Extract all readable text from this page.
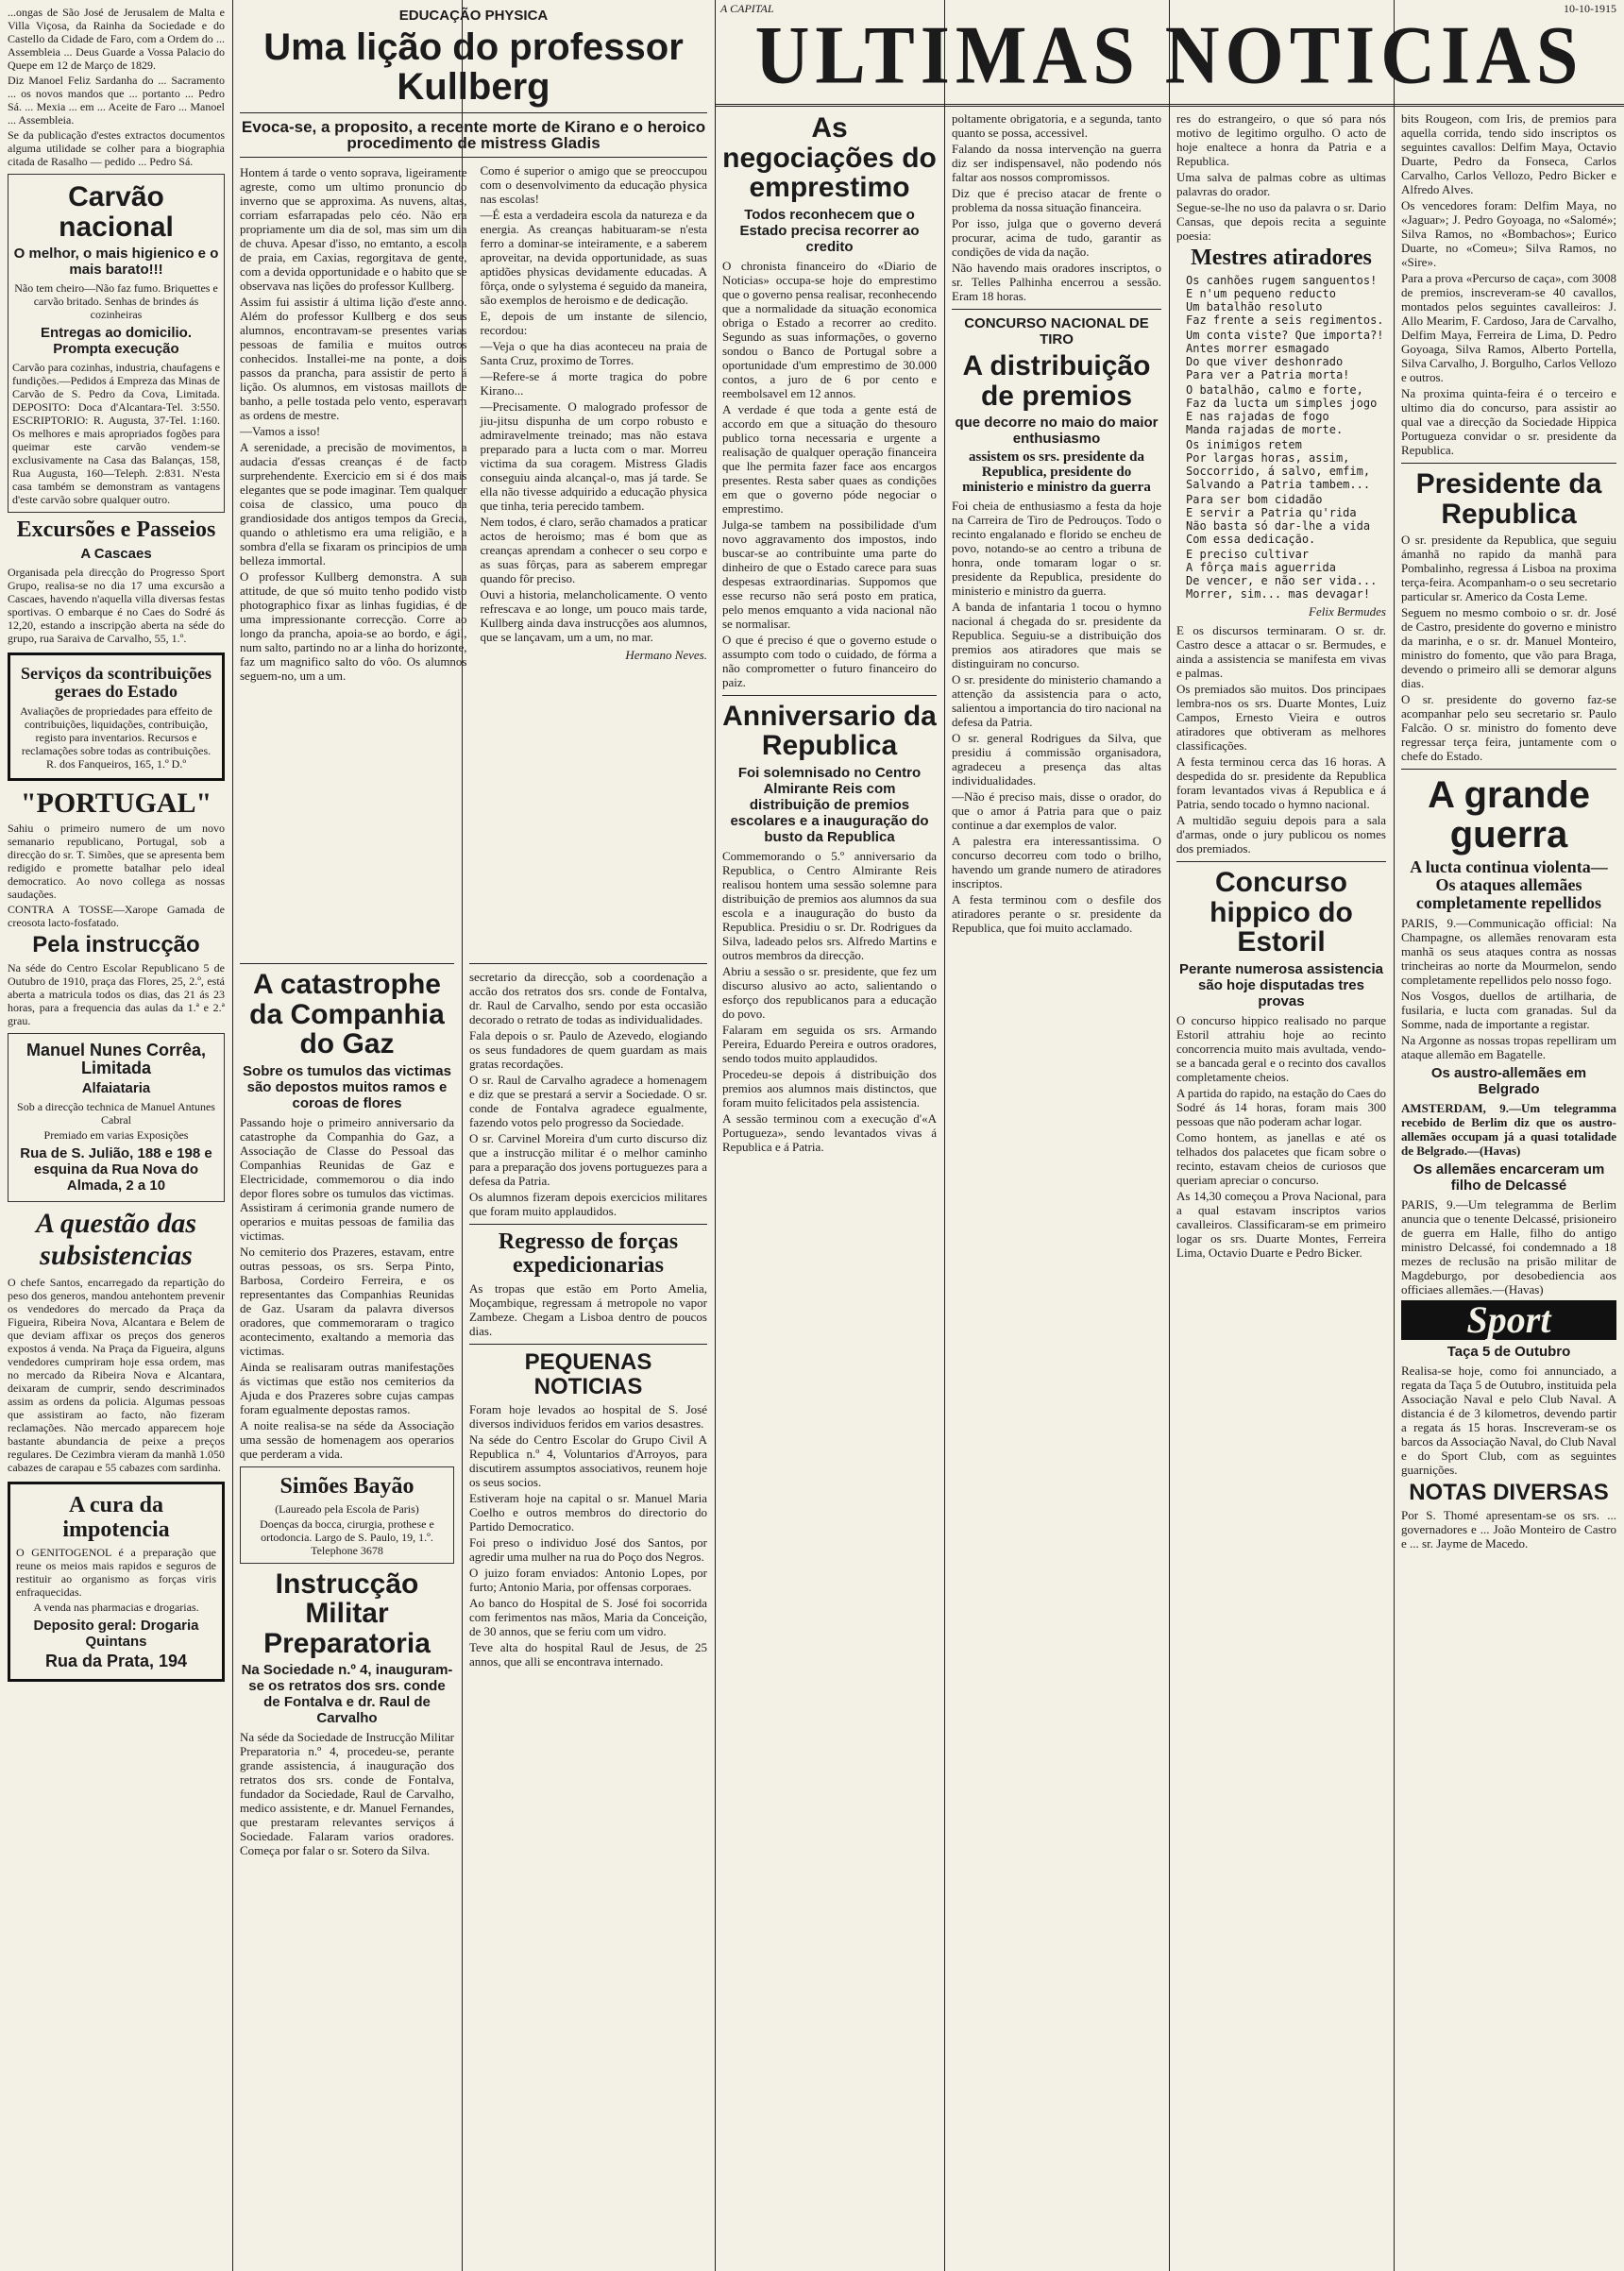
A CAPITAL
ULTIMAS NOTICIAS
10-10-1915

...ongas de São José de Jerusalem de Malta e Villa Viçosa, da Rainha da Sociedade e do Castello da Cidade de Faro, com a Ordem do ... Assembleia ... Deus Guarde a Vossa Palacio do Quepe em 12 de Março de 1829.

Diz Manoel Feliz Sardanha do ... Sacramento ... os novos mandos que ... portanto ... Pedro Sá. ... Mexia ... em ... Aceite de Faro ... Manoel ... Assembleia.

Se da publicação d'estes extractos documentos alguma utilidade se colher para a biographia citada de Rasalho — pedido ... Pedro Sá.

Carvão nacional
O melhor, o mais higienico e o mais barato!!!

Não tem cheiro—Não faz fumo. Briquettes e carvão britado. Senhas de brindes ás cozinheiras

Entregas ao domicilio. Prompta execução

Carvão para cozinhas, industria, chaufagens e fundições.—Pedidos á Empreza das Minas de Carvão de S. Pedro da Cova, Limitada. DEPOSITO: Doca d'Alcantara-Tel. 3:550. ESCRIPTORIO: R. Augusta, 37-Tel. 1:160. Os melhores e mais apropriados fogões para queimar este carvão vendem-se exclusivamente na Casa das Balanças, 158, Rua Augusta, 160—Teleph. 2:831. N'esta casa também se demonstram as vantagens d'este carvão sobre qualquer outro.

Excursões e Passeios
A Cascaes

Organisada pela direcção do Progresso Sport Grupo, realisa-se no dia 17 uma excursão a Cascaes, havendo n'aquella villa diversas festas sportivas. O embarque é no Caes do Sodré ás 12,20, estando a inscripção aberta na séde do grupo, rua Saraiva de Carvalho, 55, 1.º.

Serviços da scontribuições geraes do Estado

Avaliações de propriedades para effeito de contribuições, liquidações, contribuição, registo para inventarios. Recursos e reclamações sobre todas as contribuições. R. dos Fanqueiros, 165, 1.º D.º

"PORTUGAL"

Sahiu o primeiro numero de um novo semanario republicano, Portugal, sob a direcção do sr. T. Simões, que se apresenta bem redigido e promette batalhar pelo ideal democratico. Ao novo collega as nossas saudações.

CONTRA A TOSSE—Xarope Gamada de creosota lacto-fosfatado.

Pela instrucção

Na séde do Centro Escolar Republicano 5 de Outubro de 1910, praça das Flores, 25, 2.º, está aberta a matricula todos os dias, das 21 ás 23 horas, para a frequencia das aulas da 1.ª e 2.ª grau.

Manuel Nunes Corrêa, Limitada
Alfaiataria

Sob a direcção technica de Manuel Antunes Cabral

Premiado em varias Exposições

Rua de S. Julião, 188 e 198 e esquina da Rua Nova do Almada, 2 a 10
A questão das subsistencias

O chefe Santos, encarregado da repartição do peso dos generos, mandou antehontem prevenir os vendedores do mercado da Praça da Figueira, Ribeira Nova, Alcantara e Belem de que deviam affixar os preços dos generos expostos á venda. Na Praça da Figueira, alguns vendedores cumpriram hoje essa ordem, mas no mercado da Ribeira Nova e Alcantara, deixaram de cumprir, sendo descriminados assim as ordens da policia. Algumas pessoas que assistiram ao facto, não fizeram reclamações. Não mercado apparecem hoje bastante abundancia de peixe a preços regulares. De Cezimbra vieram da manhã 1.050 cabazes de carapau e 55 cabazes com sardinha.

A cura da impotencia

O GENITOGENOL é a preparação que reune os meios mais rapidos e seguros de restituir ao organismo as forças viris enfraquecidas.

A venda nas pharmacias e drogarias.

Deposito geral: Drogaria Quintans
Rua da Prata, 194
EDUCAÇÃO PHYSICA
Uma lição do professor Kullberg
Evoca-se, a proposito, a recente morte de Kirano e o heroico procedimento de mistress Gladis

Hontem á tarde o vento soprava, ligeiramente agreste, como um ultimo pronuncio do inverno que se approxima. As nuvens, altas, corriam esfarrapadas pelo céo. Não era propriamente um dia de sol, mas sim um dia de chuva. Apesar d'isso, no emtanto, a escola de praia, em Caxias, regorgitava de gente, com a devida opportunidade e o habito que se observava nas lições do professor Kullberg.

Assim fui assistir á ultima lição d'este anno. Além do professor Kullberg e dos seus alumnos, encontravam-se presentes varias pessoas de familia e muitos outros conhecidos. Installei-me na ponte, a dois passos da prancha, para assistir de perto á lição. Os alumnos, em vistosas maillots de banho, a pelle tostada pelo vento, esperavam as ordens de mestre.

—Vamos a isso!

A serenidade, a precisão de movimentos, a audacia d'essas creanças é de facto surprehendente. Exercicio em si é dos mais elegantes que se pode imaginar. Tem qualquer coisa de classico, uma pouco da grandiosidade dos antigos tempos da Grecia, quando o athletismo era uma religião, e a sombra d'ella se fixaram os principios de uma belleza immortal.

O professor Kullberg demonstra. A sua attitude, de que só muito tenho podido visto photographico fixar as linhas fugidias, é de uma impressionante correcção. Corre ao longo da prancha, apoia-se ao bordo, e ágil, num salto, partindo no ar a linha do horizonte, faz um magnifico salto do vôo. Os alumnos seguem-no, um a um.

Como é superior o amigo que se preoccupou com o desenvolvimento da educação physica nas escolas!

—É esta a verdadeira escola da natureza e da energia. As creanças habituaram-se n'esta ferro a dominar-se inteiramente, e a saberem aproveitar, na devida opportunidade, as suas aptidões physicas devidamente educadas. A fôrça, onde o sylystema é seguido da maneira, são exemplos de heroismo e de dedicação.

E, depois de um instante de silencio, recordou:

—Veja o que ha dias aconteceu na praia de Santa Cruz, proximo de Torres.

—Refere-se á morte tragica do pobre Kirano...

—Precisamente. O malogrado professor de jiu-jitsu dispunha de um corpo robusto e admiravelmente treinado; mas não estava preparado para a lucta com o mar. Morreu victima da sua coragem. Mistress Gladis conseguiu ainda alcançal-o, mas já tarde. Se ella não tivesse adquirido a educação physica que tinha, teria perecido tambem.

Nem todos, é claro, serão chamados a praticar actos de heroismo; mas é bom que as creanças aprendam a conhecer o seu corpo e as suas fôrças, para as saberem empregar quando fôr preciso.

Ouvi a historia, melancholicamente. O vento refrescava e ao longe, um pouco mais tarde, Kullberg ainda dava instrucções aos alumnos, que se lançavam, um a um, no mar.

Hermano Neves.
A catastrophe da Companhia do Gaz
Sobre os tumulos das victimas são depostos muitos ramos e coroas de flores

Passando hoje o primeiro anniversario da catastrophe da Companhia do Gaz, a Associação de Classe do Pessoal das Companhias Reunidas de Gaz e Electricidade, commemorou o dia indo depor flores sobre os tumulos das victimas. Assistiram á cerimonia grande numero de operarios e muitas pessoas de familia das victimas.

No cemiterio dos Prazeres, estavam, entre outras pessoas, os srs. Serpa Pinto, Barbosa, Cordeiro Ferreira, e os representantes das Companhias Reunidas de Gaz. Usaram da palavra diversos oradores, que commemoraram o tragico acontecimento, exaltando a memoria das victimas.

Ainda se realisaram outras manifestações ás victimas que estão nos cemiterios da Ajuda e dos Prazeres sobre cujas campas foram egualmente depostas ramos.

A noite realisa-se na séde da Associação uma sessão de homenagem aos operarios que perderam a vida.

Simões Bayão
(Laureado pela Escola de Paris)

Doenças da bocca, cirurgia, prothese e ortodoncia. Largo de S. Paulo, 19, 1.º. Telephone 3678

Instrucção Militar Preparatoria
Na Sociedade n.º 4, inauguram-se os retratos dos srs. conde de Fontalva e dr. Raul de Carvalho

Na séde da Sociedade de Instrucção Militar Preparatoria n.º 4, procedeu-se, perante grande assistencia, á inauguração dos retratos dos srs. conde de Fontalva, fundador da Sociedade, Raul de Carvalho, medico assistente, e dr. Manuel Fernandes, que prestaram relevantes serviços á Sociedade. Falaram varios oradores. Começa por falar o sr. Sotero da Silva.

secretario da direcção, sob a coordenação a accão dos retratos dos srs. conde de Fontalva, dr. Raul de Carvalho, sendo por esta occasião decorado o retrato de todas as individualidades.

Fala depois o sr. Paulo de Azevedo, elogiando os seus fundadores de quem guardam as mais gratas recordações.

O sr. Raul de Carvalho agradece a homenagem e diz que se prestará a servir a Sociedade. O sr. conde de Fontalva agradece egualmente, fazendo votos pelo progresso da Sociedade.

O sr. Carvinel Moreira d'um curto discurso diz que a instrucção militar é o melhor caminho para a preparação dos jovens portuguezes para a defesa da Patria.

Os alumnos fizeram depois exercicios militares que foram muito applaudidos.

Regresso de forças expedicionarias

As tropas que estão em Porto Amelia, Moçambique, regressam á metropole no vapor Zambeze. Chegam a Lisboa dentro de poucos dias.

PEQUENAS NOTICIAS

Foram hoje levados ao hospital de S. José diversos individuos feridos em varios desastres.

Na séde do Centro Escolar do Grupo Civil A Republica n.º 4, Voluntarios d'Arroyos, para discutirem assumptos associativos, reunem hoje os seus socios.

Estiveram hoje na capital o sr. Manuel Maria Coelho e outros membros do directorio do Partido Democratico.

Foi preso o individuo José dos Santos, por agredir uma mulher na rua do Poço dos Negros.

O juizo foram enviados: Antonio Lopes, por furto; Antonio Maria, por offensas corporaes.

Ao banco do Hospital de S. José foi socorrida com ferimentos nas mãos, Maria da Conceição, de 30 annos, que se feriu com um vidro.

Teve alta do hospital Raul de Jesus, de 25 annos, que alli se encontrava internado.

As negociações do emprestimo
Todos reconhecem que o Estado precisa recorrer ao credito

O chronista financeiro do «Diario de Noticias» occupa-se hoje do emprestimo que o governo pensa realisar, reconhecendo que a normalidade da situação economica obriga o Estado a recorrer ao credito. Segundo as suas informações, o governo sondou o Banco de Portugal sobre a oportunidade d'um emprestimo de 30.000 contos, a juro de 6 por cento e reembolsavel em 12 annos.

A verdade é que toda a gente está de accordo em que a situação do thesouro publico torna necessaria e urgente a realisação de qualquer operação financeira que lhe permita fazer face aos encargos presentes. Resta saber quaes as condições em que o governo póde negociar o emprestimo.

Julga-se tambem na possibilidade d'um novo aggravamento dos impostos, indo buscar-se ao contribuinte uma parte do dinheiro de que o Estado carece para suas despesas extraordinarias. Suppomos que esse recurso não será posto em pratica, pelo menos emquanto a vida nacional não se normalisar.

O que é preciso é que o governo estude o assumpto com todo o cuidado, de fórma a não comprometter o futuro financeiro do paiz.

Anniversario da Republica
Foi solemnisado no Centro Almirante Reis com distribuição de premios escolares e a inauguração do busto da Republica

Commemorando o 5.º anniversario da Republica, o Centro Almirante Reis realisou hontem uma sessão solemne para distribuição de premios aos alumnos da sua escola e a inauguração do busto da Republica. Presidiu o sr. Dr. Rodrigues da Silva, ladeado pelos srs. Alfredo Martins e outros membros da direcção.

Abriu a sessão o sr. presidente, que fez um discurso alusivo ao acto, salientando o esforço dos republicanos para a educação do povo.

Falaram em seguida os srs. Armando Pereira, Eduardo Pereira e outros oradores, sendo todos muito applaudidos.

Procedeu-se depois á distribuição dos premios aos alumnos mais distinctos, que foram muito felicitados pela assistencia.

A sessão terminou com a execução d'«A Portugueza», sendo levantados vivas á Republica e á Patria.

poltamente obrigatoria, e a segunda, tanto quanto se possa, accessivel.

Falando da nossa intervenção na guerra diz ser indispensavel, não podendo nós faltar aos nossos compromissos.

Diz que é preciso atacar de frente o problema da nossa situação financeira.

Por isso, julga que o governo deverá procurar, acima de tudo, garantir as condições de vida da nação.

Não havendo mais oradores inscriptos, o sr. Telles Palhinha encerrou a sessão. Eram 18 horas.

CONCURSO NACIONAL DE TIRO
A distribuição de premios
que decorre no maio do maior enthusiasmo
assistem os srs. presidente da Republica, presidente do ministerio e ministro da guerra

Foi cheia de enthusiasmo a festa da hoje na Carreira de Tiro de Pedrouços. Todo o recinto engalanado e florido se encheu de povo, notando-se ao centro a tribuna de honra, onde tomaram logar o sr. presidente da Republica, presidente do ministerio e ministro da guerra.

A banda de infantaria 1 tocou o hymno nacional á chegada do sr. presidente da Republica. Seguiu-se a distribuição dos premios aos atiradores que mais se distinguiram no concurso.

O sr. presidente do ministerio chamando a attenção da assistencia para o acto, salientou a importancia do tiro nacional na defesa da Patria.

O sr. general Rodrigues da Silva, que presidiu á commissão organisadora, agradeceu a presença das altas individualidades.

—Não é preciso mais, disse o orador, do que o amor á Patria para que o paiz continue a dar exemplos de valor.

A palestra era interessantissima. O concurso decorreu com todo o brilho, havendo um grande numero de atiradores inscriptos.

A festa terminou com o desfile dos atiradores perante o sr. presidente da Republica, que foi muito acclamado.

res do estrangeiro, o que só para nós motivo de legitimo orgulho. O acto de hoje enaltece a honra da Patria e a Republica.

Uma salva de palmas cobre as ultimas palavras do orador.

Segue-se-lhe no uso da palavra o sr. Dario Cansas, que depois recita a seguinte poesia:

Mestres atiradores
Os canhões rugem sanguentos!
E n'um pequeno reducto
Um batalhão resoluto
Faz frente a seis regimentos.
Um conta viste? Que importa?!
Antes morrer esmagado
Do que viver deshonrado
Para ver a Patria morta!
O batalhão, calmo e forte,
Faz da lucta um simples jogo
E nas rajadas de fogo
Manda rajadas de morte.
Os inimigos retem
Por largas horas, assim,
Soccorrido, á salvo, emfim,
Salvando a Patria tambem...
Para ser bom cidadão
E servir a Patria qu'rida
Não basta só dar-lhe a vida
Com essa dedicação.
E preciso cultivar
A fôrça mais aguerrida
De vencer, e não ser vida...
Morrer, sim... mas devagar!
Felix Bermudes

E os discursos terminaram. O sr. dr. Castro desce a attacar o sr. Bermudes, e ainda a assistencia se manifesta em vivas e palmas.

Os premiados são muitos. Dos principaes lembra-nos os srs. Duarte Montes, Luiz Campos, Ernesto Vieira e outros atiradores que obtiveram as melhores classificações.

A festa terminou cerca das 16 horas. A despedida do sr. presidente da Republica foram levantados vivas á Republica e á Patria, sendo tocado o hymno nacional.

A multidão seguiu depois para a sala d'armas, onde o jury publicou os nomes dos premiados.

Concurso hippico do Estoril
Perante numerosa assistencia são hoje disputadas tres provas

O concurso hippico realisado no parque Estoril attrahiu hoje ao recinto concorrencia muito mais avultada, vendo-se a bancada geral e o recinto dos cavallos completamente cheios.

A partida do rapido, na estação do Caes do Sodré ás 14 horas, foram mais 300 pessoas que não poderam achar logar.

Como hontem, as janellas e até os telhados dos palacetes que ficam sobre o recinto, estavam cheios de curiosos que queriam apreciar o concurso.

As 14,30 começou a Prova Nacional, para a qual estavam inscriptos varios cavalleiros. Classificaram-se em primeiro logar os srs. Duarte Montes, Ferreira Lima, Octavio Duarte e Pedro Bicker.

bits Rougeon, com Iris, de premios para aquella corrida, tendo sido inscriptos os seguintes cavallos: Delfim Maya, Octavio Duarte, Pedro da Fonseca, Carlos Carvalho, Carlos Vellozo, Pedro Bicker e Alfredo Alves.

Os vencedores foram: Delfim Maya, no «Jaguar»; J. Pedro Goyoaga, no «Salomé»; Silva Ramos, no «Bombachos»; Eurico Duarte, no «Comeu»; Silva Ramos, no «Sire».

Para a prova «Percurso de caça», com 3008 de premios, inscreveram-se 40 cavallos, montados pelos seguintes cavalleiros: J. Allo Mearim, F. Cardoso, Jara de Carvalho, Delfim Maya, Ferreira de Lima, D. Pedro Goyoaga, Silva Ramos, Alberto Portella, Silva Carvalho, J. Borgulho, Carlos Vellozo e outros.

Na proxima quinta-feira é o terceiro e ultimo dia do concurso, para assistir ao qual vae a direcção da Sociedade Hippica Portugueza convidar o sr. presidente da Republica.

Presidente da Republica

O sr. presidente da Republica, que seguiu ámanhã no rapido da manhã para Pombalinho, regressa á Lisboa na proxima terça-feira. Acompanham-o o seu secretario particular sr. Americo da Costa Leme.

Seguem no mesmo comboio o sr. dr. José de Castro, presidente do governo e ministro da marinha, e o sr. dr. Manuel Monteiro, ministro do fomento, que vão para Braga, devendo o primeiro alli se demorar alguns dias.

O sr. presidente do governo faz-se acompanhar pelo seu secretario sr. Paulo Falcão. O sr. ministro do fomento deve regressar terça feira, juntamente com o chefe do Estado.

A grande guerra
A lucta continua violenta—Os ataques allemães completamente repellidos

PARIS, 9.—Communicação official: Na Champagne, os allemães renovaram esta manhã os seus ataques contra as nossas trincheiras ao norte da Mourmelon, sendo completamente repellidos pelo nosso fogo.

Nos Vosgos, duellos de artilharia, de fusilaria, e lucta com granadas. Sul da Somme, nada de importante a registar.

Na Argonne as nossas tropas repelliram um ataque allemão em Bagatelle.

Os austro-allemães em Belgrado

AMSTERDAM, 9.—Um telegramma recebido de Berlim diz que os austro-allemães occupam já a quasi totalidade de Belgrado.—(Havas)

Os allemães encarceram um filho de Delcassé

PARIS, 9.—Um telegramma de Berlim anuncia que o tenente Delcassé, prisioneiro de guerra em Halle, filho do antigo ministro Delcassé, foi condemnado a 18 mezes de reclusão na prisão militar de Magdeburgo, por desobediencia aos officiaes allemães.—(Havas)

Sport
Taça 5 de Outubro

Realisa-se hoje, como foi annunciado, a regata da Taça 5 de Outubro, instituida pela Associação Naval e pelo Club Naval. A distancia é de 3 kilometros, devendo partir a regata ás 15 horas. Inscreveram-se os barcos da Associação Naval, do Club Naval e do Sport Club, com as seguintes guarnições.

NOTAS DIVERSAS

Por S. Thomé apresentam-se os srs. ... governadores e ... João Monteiro de Castro e ... sr. Jayme de Macedo.
